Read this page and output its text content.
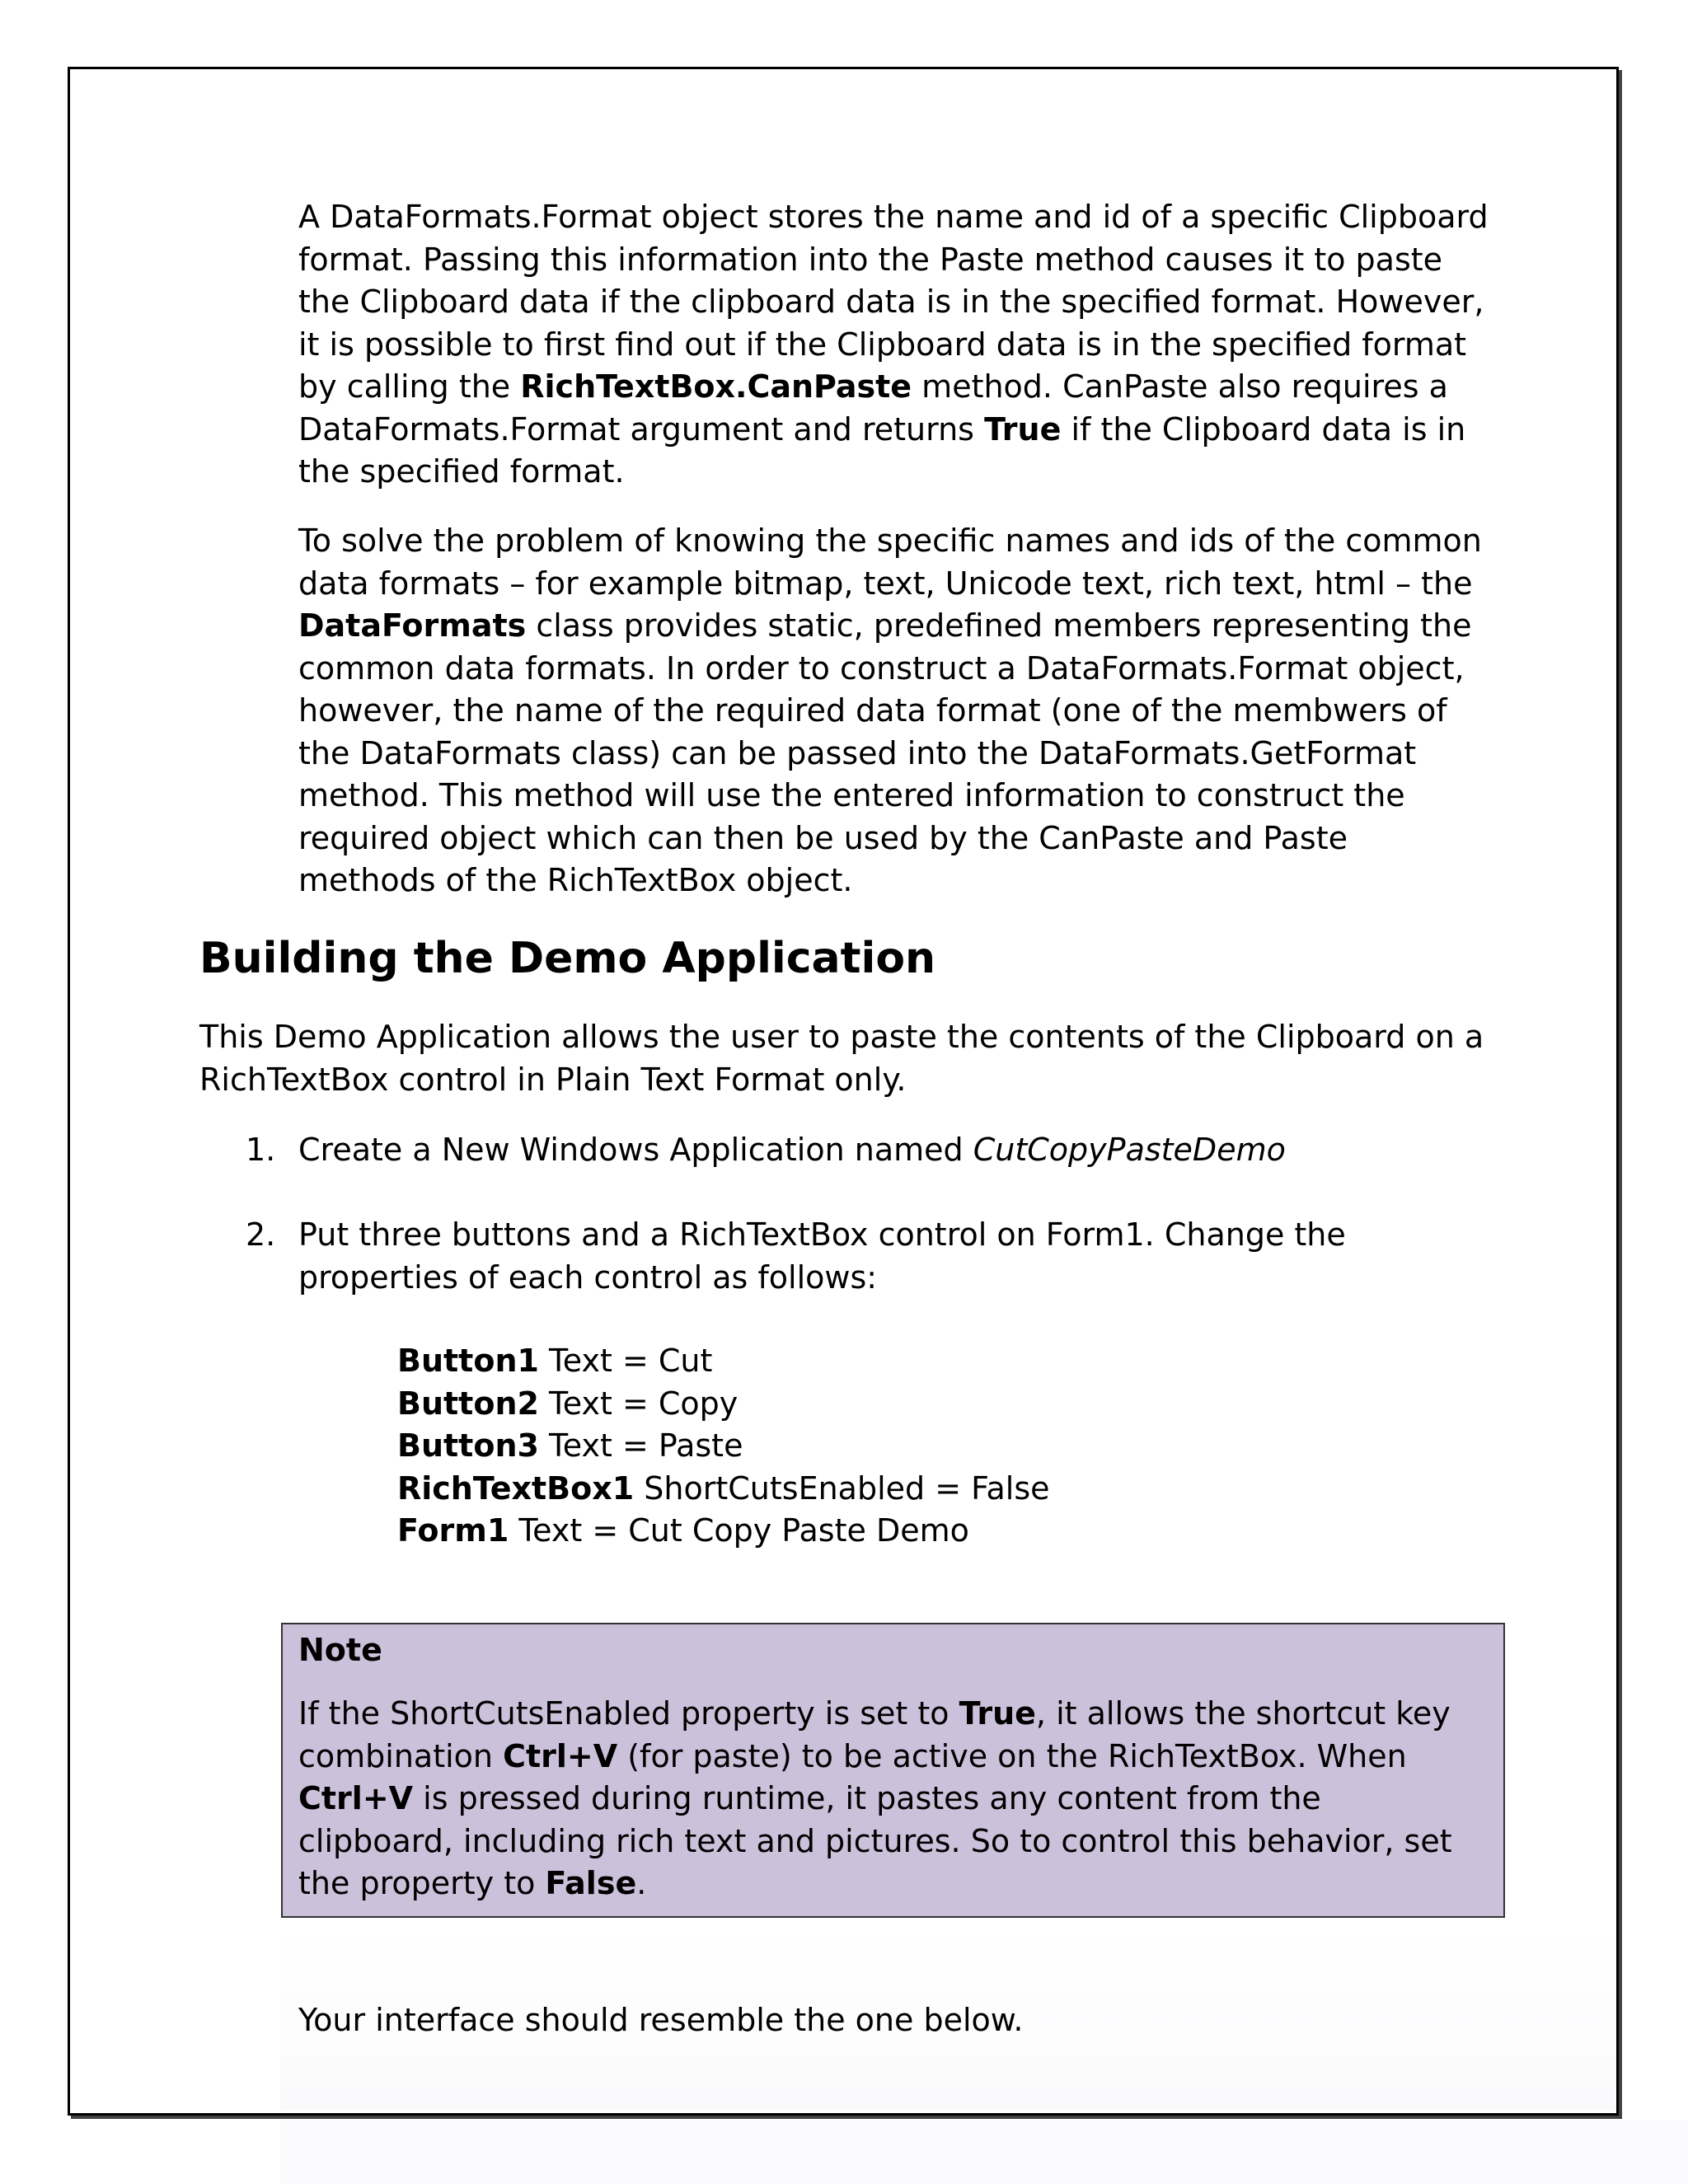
A DataFormats.Format object stores the name and id of a specific Clipboard format. Passing this information into the Paste method causes it to paste the Clipboard data if the clipboard data is in the specified format. However, it is possible to first find out if the Clipboard data is in the specified format by calling the RichTextBox.CanPaste method. CanPaste also requires a DataFormats.Format argument and returns True if the Clipboard data is in the specified format.

To solve the problem of knowing the specific names and ids of the common data formats – for example bitmap, text, Unicode text, rich text, html – the DataFormats class provides static, predefined members representing the common data formats. In order to construct a DataFormats.Format object, however, the name of the required data format (one of the membwers of the DataFormats class) can be passed into the DataFormats.GetFormat method. This method will use the entered information to construct the required object which can then be used by the CanPaste and Paste methods of the RichTextBox object.

Building the Demo Application

This Demo Application allows the user to paste the contents of the Clipboard on a RichTextBox control in Plain Text Format only.

1. Create a New Windows Application named CutCopyPasteDemo

2. Put three buttons and a RichTextBox control on Form1. Change the properties of each control as follows:

Button1 Text = Cut
Button2 Text = Copy
Button3 Text = Paste
RichTextBox1 ShortCutsEnabled = False
Form1 Text = Cut Copy Paste Demo
Note

If the ShortCutsEnabled property is set to True, it allows the shortcut key combination Ctrl+V (for paste) to be active on the RichTextBox. When Ctrl+V is pressed during runtime, it pastes any content from the clipboard, including rich text and pictures. So to control this behavior, set the property to False.

Your interface should resemble the one below.
